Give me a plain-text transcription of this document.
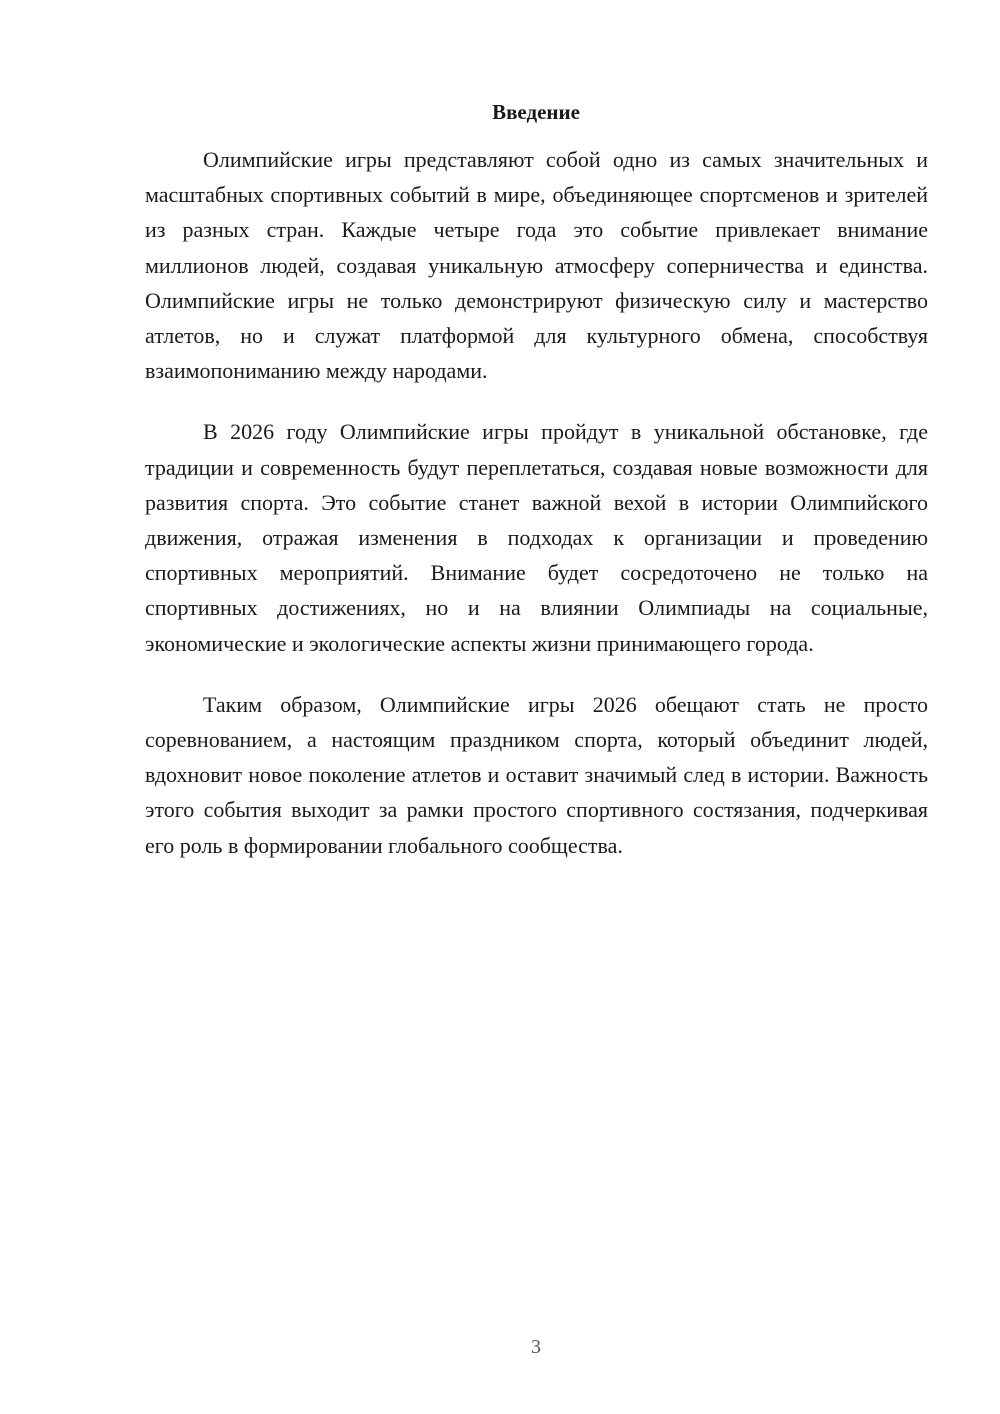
Введение

Олимпийские игры представляют собой одно из самых значительных и масштабных спортивных событий в мире, объединяющее спортсменов и зрителей из разных стран. Каждые четыре года это событие привлекает внимание миллионов людей, создавая уникальную атмосферу соперничества и единства. Олимпийские игры не только демонстрируют физическую силу и мастерство атлетов, но и служат платформой для культурного обмена, способствуя взаимопониманию между народами.

В 2026 году Олимпийские игры пройдут в уникальной обстановке, где традиции и современность будут переплетаться, создавая новые возможности для развития спорта. Это событие станет важной вехой в истории Олимпийского движения, отражая изменения в подходах к организации и проведению спортивных мероприятий. Внимание будет сосредоточено не только на спортивных достижениях, но и на влиянии Олимпиады на социальные, экономические и экологические аспекты жизни принимающего города.

Таким образом, Олимпийские игры 2026 обещают стать не просто соревнованием, а настоящим праздником спорта, который объединит людей, вдохновит новое поколение атлетов и оставит значимый след в истории. Важность этого события выходит за рамки простого спортивного состязания, подчеркивая его роль в формировании глобального сообщества.

3
